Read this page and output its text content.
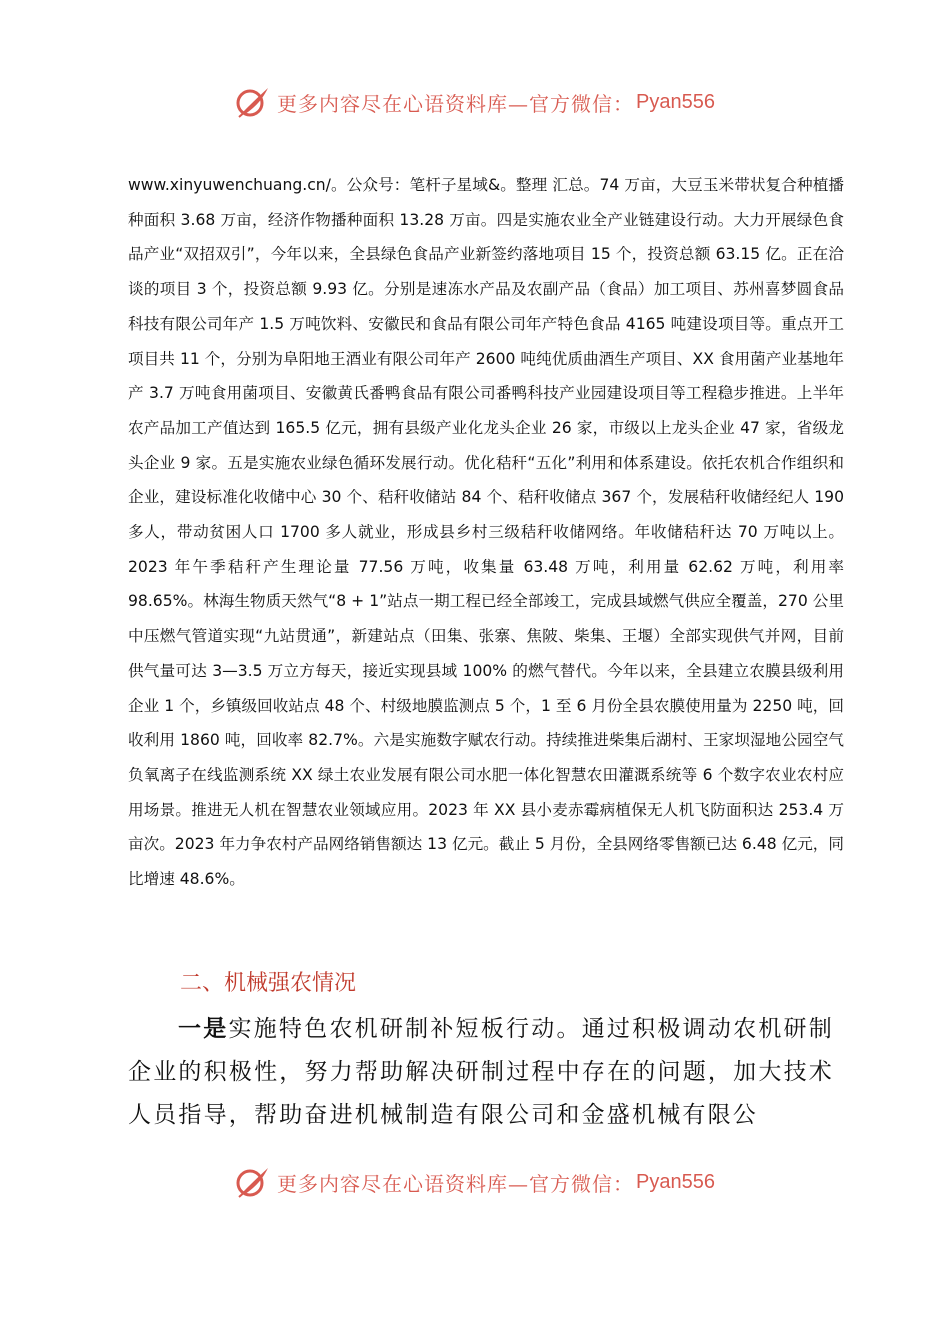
更多内容尽在心语资料库—官方微信： Pyan556

www.xinyuwenchuang.cn/。公众号：笔杆子星域&。整理 汇总。74 万亩，大豆玉米带状复合种植播种面积 3.68 万亩，经济作物播种面积 13.28 万亩。四是实施农业全产业链建设行动。大力开展绿色食品产业“双招双引”，今年以来，全县绿色食品产业新签约落地项目 15 个，投资总额 63.15 亿。正在洽谈的项目 3 个，投资总额 9.93 亿。分别是速冻水产品及农副产品（食品）加工项目、苏州喜梦圆食品科技有限公司年产 1.5 万吨饮料、安徽民和食品有限公司年产特色食品 4165 吨建设项目等。重点开工项目共 11 个，分别为阜阳地王酒业有限公司年产 2600 吨纯优质曲酒生产项目、XX 食用菌产业基地年产 3.7 万吨食用菌项目、安徽黄氏番鸭食品有限公司番鸭科技产业园建设项目等工程稳步推进。上半年农产品加工产值达到 165.5 亿元，拥有县级产业化龙头企业 26 家，市级以上龙头企业 47 家，省级龙头企业 9 家。五是实施农业绿色循环发展行动。优化秸秆“五化”利用和体系建设。依托农机合作组织和企业，建设标准化收储中心 30 个、秸秆收储站 84 个、秸秆收储点 367 个，发展秸秆收储经纪人 190 多人，带动贫困人口 1700 多人就业，形成县乡村三级秸秆收储网络。年收储秸秆达 70 万吨以上。2023 年午季秸秆产生理论量 77.56 万吨，收集量 63.48 万吨，利用量 62.62 万吨，利用率 98.65%。林海生物质天然气“8 + 1”站点一期工程已经全部竣工，完成县域燃气供应全覆盖，270 公里中压燃气管道实现“九站贯通”，新建站点（田集、张寨、焦陂、柴集、王堰）全部实现供气并网，目前供气量可达 3—3.5 万立方每天，接近实现县域 100% 的燃气替代。今年以来，全县建立农膜县级利用企业 1 个，乡镇级回收站点 48 个、村级地膜监测点 5 个，1 至 6 月份全县农膜使用量为 2250 吨，回收利用 1860 吨，回收率 82.7%。六是实施数字赋农行动。持续推进柴集后湖村、王家坝湿地公园空气负氧离子在线监测系统 XX 绿土农业发展有限公司水肥一体化智慧农田灌溉系统等 6 个数字农业农村应用场景。推进无人机在智慧农业领域应用。2023 年 XX 县小麦赤霉病植保无人机飞防面积达 253.4 万亩次。2023 年力争农村产品网络销售额达 13 亿元。截止 5 月份，全县网络零售额已达 6.48 亿元，同比增速 48.6%。

二、机械强农情况

一是实施特色农机研制补短板行动。通过积极调动农机研制企业的积极性，努力帮助解决研制过程中存在的问题，加大技术人员指导，帮助奋进机械制造有限公司和金盛机械有限公

更多内容尽在心语资料库—官方微信： Pyan556
